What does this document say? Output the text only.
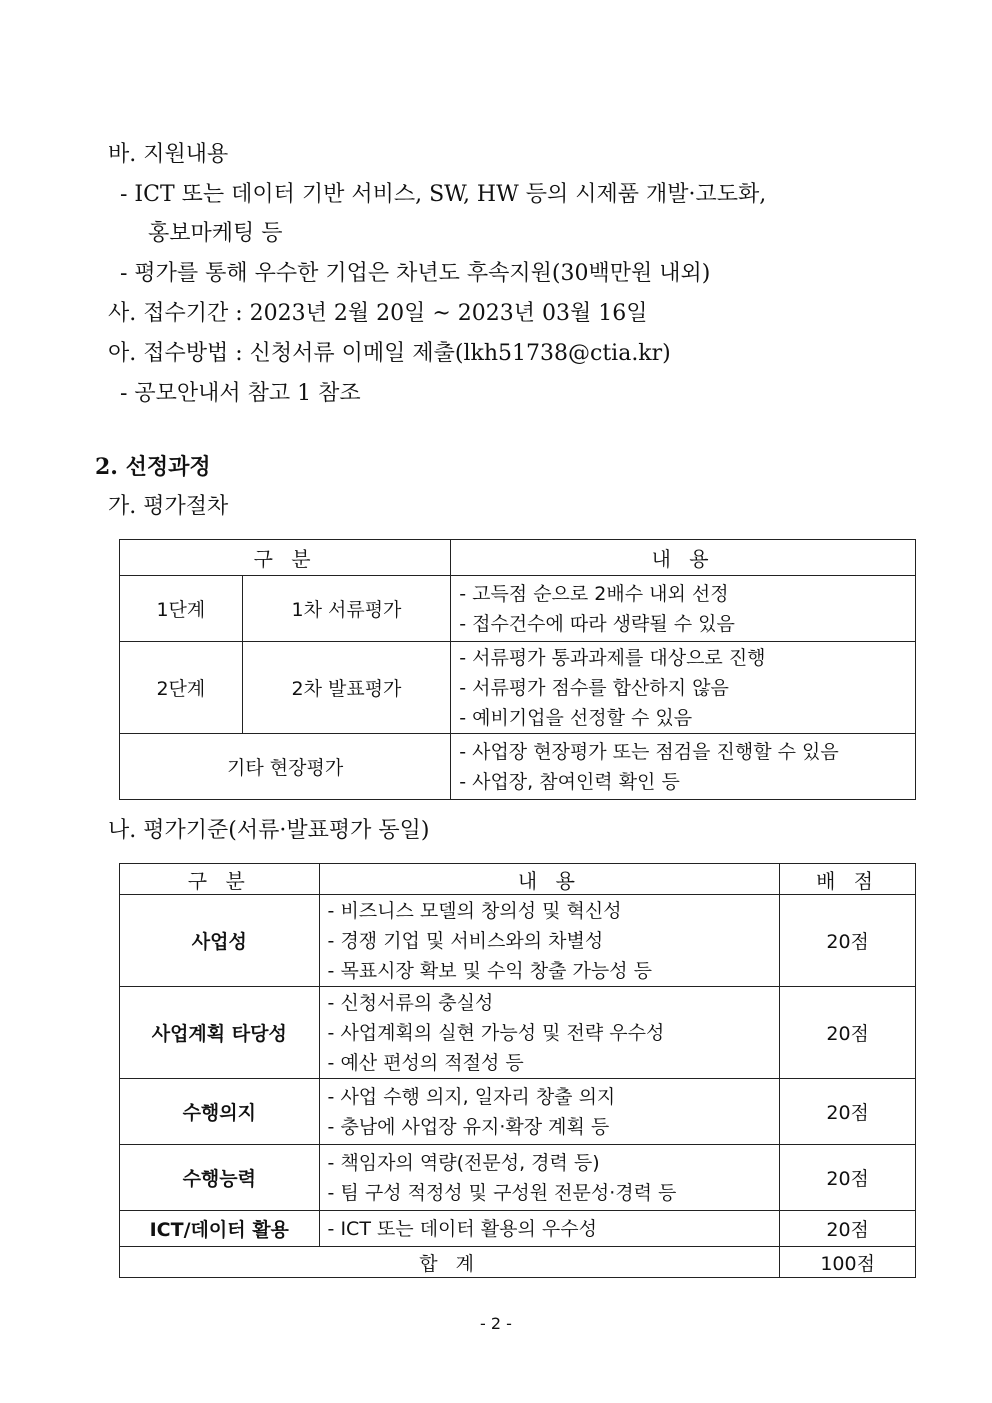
바. 지원내용
- ICT 또는 데이터 기반 서비스, SW, HW 등의 시제품 개발·고도화,
홍보마케팅 등
- 평가를 통해 우수한 기업은 차년도 후속지원(30백만원 내외)
사. 접수기간 : 2023년 2월 20일 ~ 2023년 03월 16일
아. 접수방법 : 신청서류 이메일 제출(lkh51738@ctia.kr)
- 공모안내서 참고 1 참조
2. 선정과정
가. 평가절차
구 분		내 용
1단계	1차 서류평가	- 고득점 순으로 2배수 내외 선정
- 접수건수에 따라 생략될 수 있음

2단계	2차 발표평가	- 서류평가 통과과제를 대상으로 진행
- 서류평가 점수를 합산하지 않음
- 예비기업을 선정할 수 있음

기타 현장평가		- 사업장 현장평가 또는 점검을 진행할 수 있음
- 사업장, 참여인력 확인 등
나. 평가기준(서류·발표평가 동일)
구 분	내 용	배 점
사업성	- 비즈니스 모델의 창의성 및 혁신성
- 경쟁 기업 및 서비스와의 차별성
- 목표시장 확보 및 수익 창출 가능성 등	20점
사업계획 타당성	- 신청서류의 충실성
- 사업계획의 실현 가능성 및 전략 우수성
- 예산 편성의 적절성 등	20점
수행의지	- 사업 수행 의지, 일자리 창출 의지
- 충남에 사업장 유지·확장 계획 등	20점
수행능력	- 책임자의 역량(전문성, 경력 등)
- 팀 구성 적정성 및 구성원 전문성·경력 등	20점
ICT/데이터 활용	- ICT 또는 데이터 활용의 우수성	20점
합 계		100점
- 2 -
